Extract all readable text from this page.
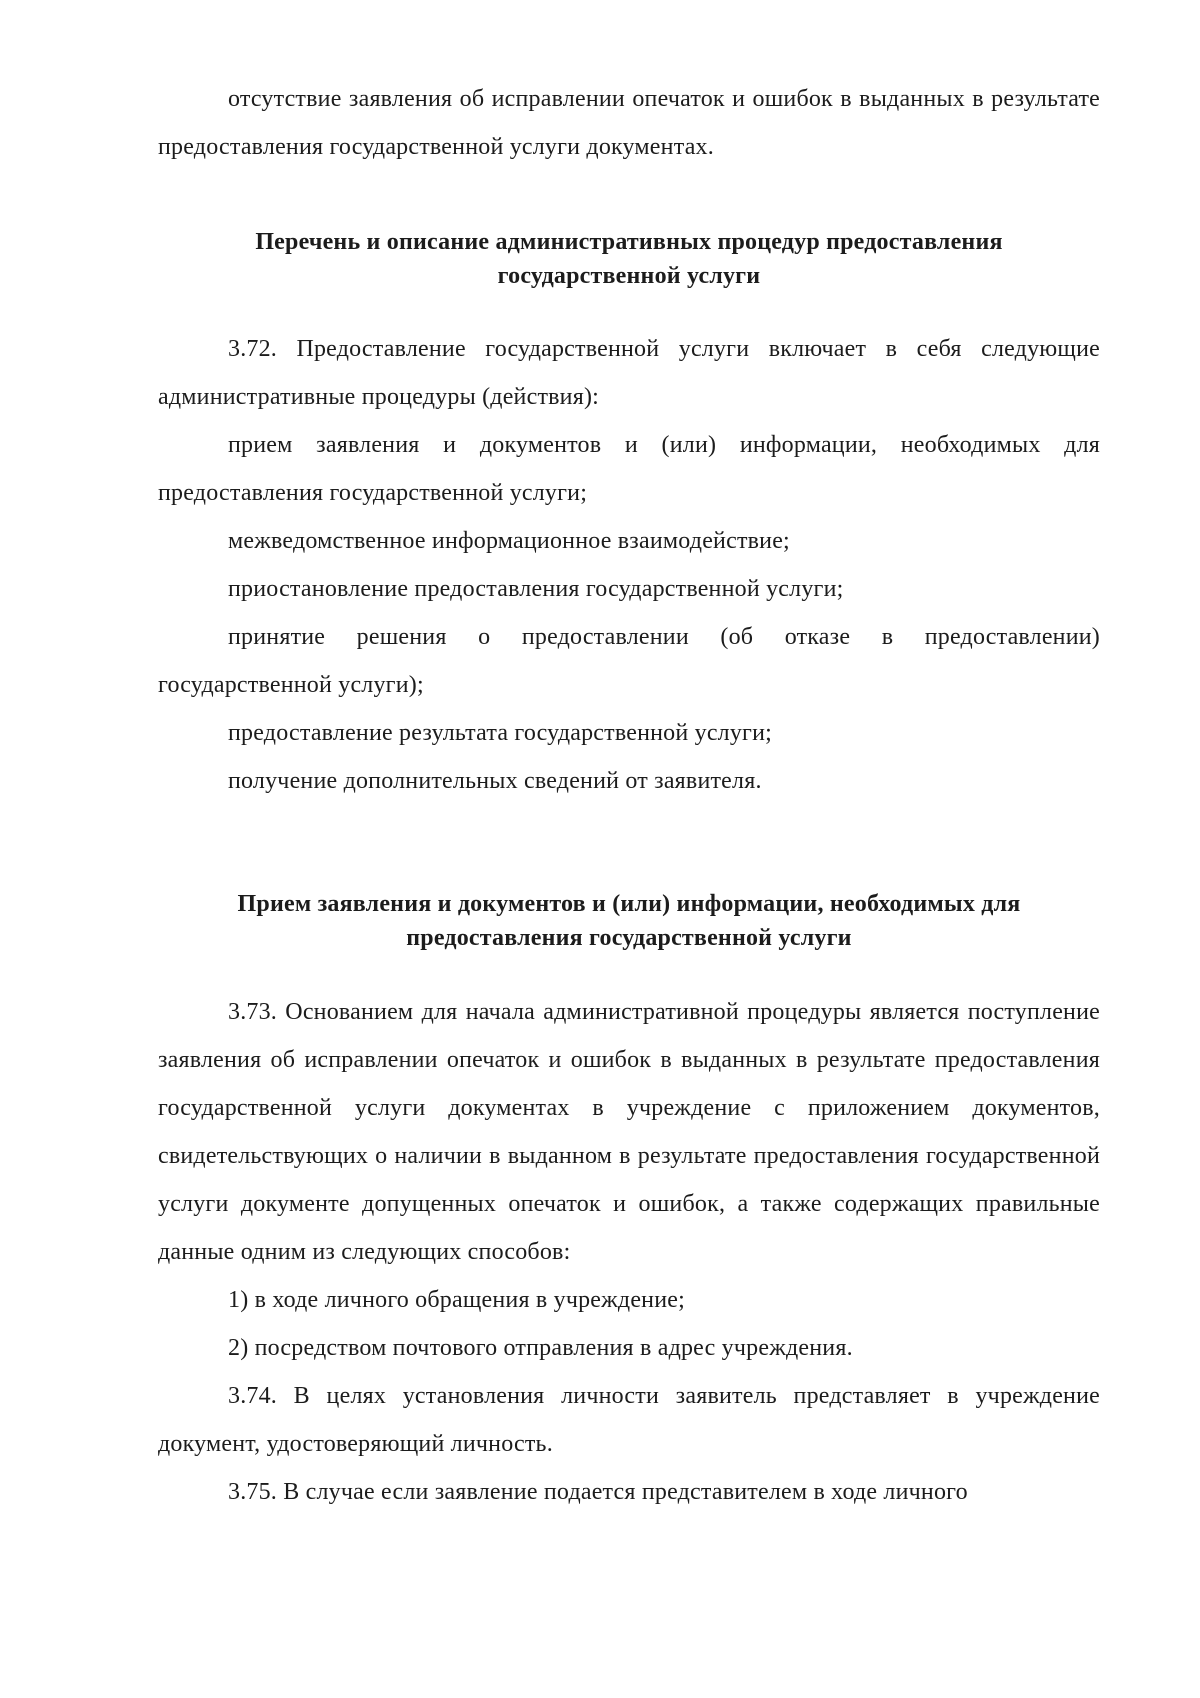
отсутствие заявления об исправлении опечаток и ошибок в выданных в результате предоставления государственной услуги документах.

Перечень и описание административных процедур предоставления

государственной услуги

3.72. Предоставление государственной услуги включает в себя следующие административные процедуры (действия):

прием заявления и документов и (или) информации, необходимых для предоставления государственной услуги;

межведомственное информационное взаимодействие;

приостановление предоставления государственной услуги;

принятие решения о предоставлении (об отказе в предоставлении) государственной услуги);

предоставление результата государственной услуги;

получение дополнительных сведений от заявителя.

Прием заявления и документов и (или) информации, необходимых для

предоставления государственной услуги

3.73. Основанием для начала административной процедуры является поступление заявления об исправлении опечаток и ошибок в выданных в результате предоставления государственной услуги документах в учреждение с приложением документов, свидетельствующих о наличии в выданном в результате предоставления государственной услуги документе допущенных опечаток и ошибок, а также содержащих правильные данные одним из следующих способов:

1) в ходе личного обращения в учреждение;

2) посредством почтового отправления в адрес учреждения.

3.74. В целях установления личности заявитель представляет в учреждение документ, удостоверяющий личность.

3.75. В случае если заявление подается представителем в ходе личного
